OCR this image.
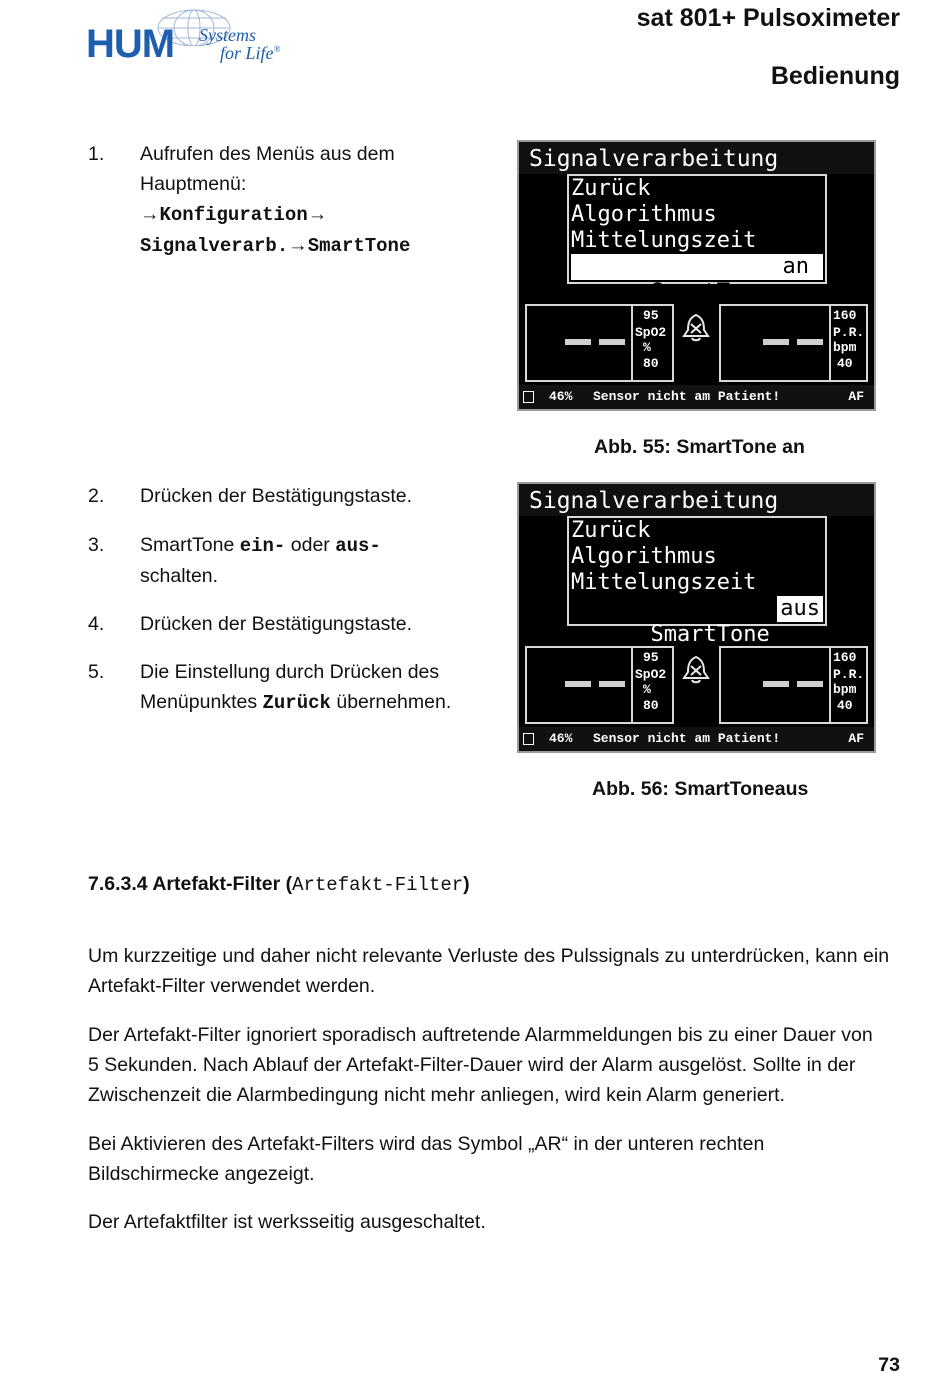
HUM Systems
for Life®
sat 801+ Pulsoximeter
Bedienung
1. Aufrufen des Menüs aus dem
Hauptmenü:
→Konfiguration→
Signalverarb.→SmartTone
Signalverarbeitung
Zurück
Algorithmus
Mittelungszeit

SmartTone

an

95
SpO2
%
80
160
P.R.
bpm
40
46% Sensor nicht am Patient!	AF
Abb. 55: SmartTone an
2. Drücken der Bestätigungstaste.
3. SmartTone ein- oder aus-
schalten.
4. Drücken der Bestätigungstaste.
5. Die Einstellung durch Drücken des
Menüpunktes Zurück übernehmen.
Signalverarbeitung
Zurück
Algorithmus
Mittelungszeit

SmartTone

aus

95
SpO2
%
80
160
P.R.
bpm
40
46% Sensor nicht am Patient!	AF
Abb. 56: SmartToneaus
7.6.3.4 Artefakt-Filter (Artefakt-Filter)
Um kurzzeitige und daher nicht relevante Verluste des Pulssignals zu unterdrücken, kann ein
Artefakt-Filter verwendet werden.
Der Artefakt-Filter ignoriert sporadisch auftretende Alarmmeldungen bis zu einer Dauer von
5 Sekunden. Nach Ablauf der Artefakt-Filter-Dauer wird der Alarm ausgelöst. Sollte in der
Zwischenzeit die Alarmbedingung nicht mehr anliegen, wird kein Alarm generiert.
Bei Aktivieren des Artefakt-Filters wird das Symbol „AR“ in der unteren rechten
Bildschirmecke angezeigt.
Der Artefaktfilter ist werksseitig ausgeschaltet.
73
